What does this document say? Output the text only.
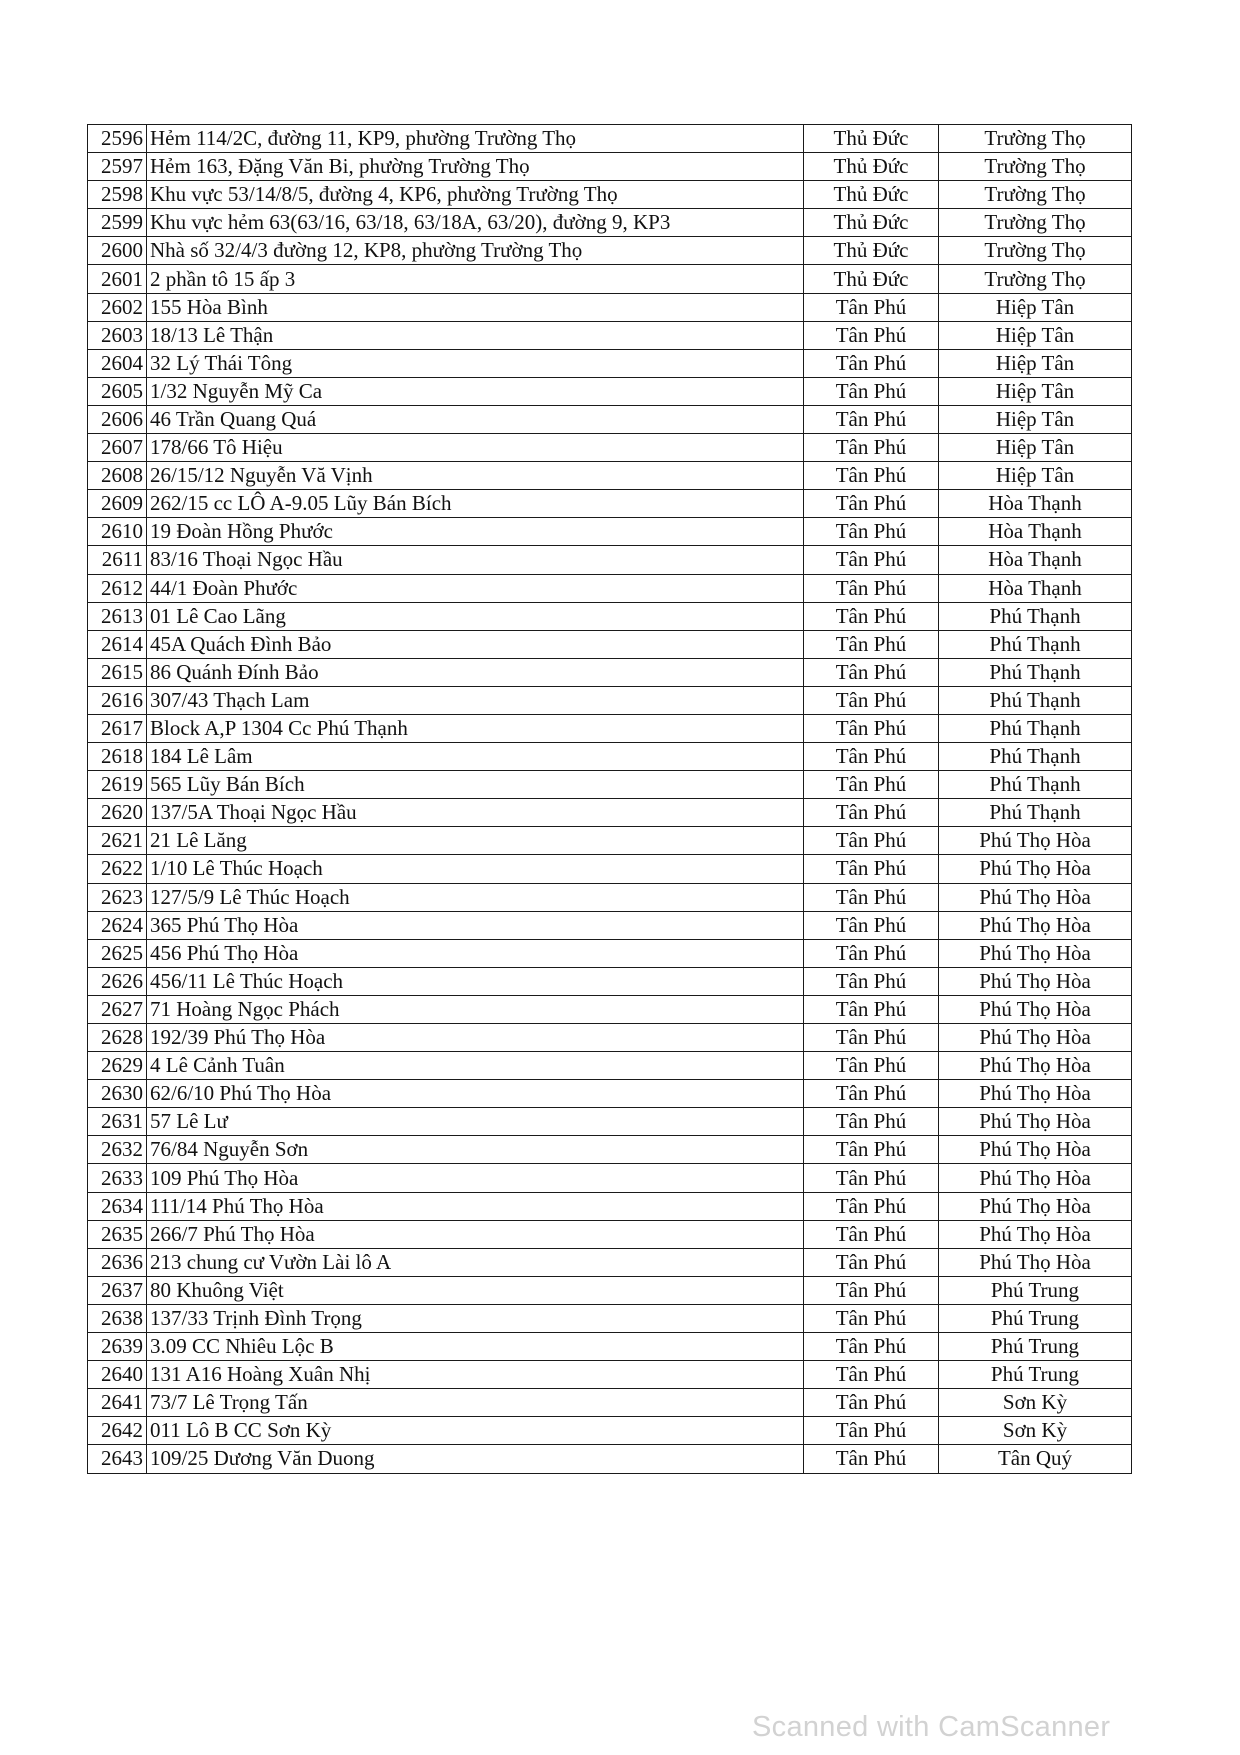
2596	Hẻm 114/2C, đường 11, KP9, phường Trường Thọ	Thủ Đức	Trường Thọ
2597	Hẻm 163, Đặng Văn Bi, phường Trường Thọ	Thủ Đức	Trường Thọ
2598	Khu vực 53/14/8/5, đường 4, KP6, phường Trường Thọ	Thủ Đức	Trường Thọ
2599	Khu vực hẻm 63(63/16, 63/18, 63/18A, 63/20), đường 9, KP3	Thủ Đức	Trường Thọ
2600	Nhà số 32/4/3 đường 12, KP8, phường Trường Thọ	Thủ Đức	Trường Thọ
2601	2 phần tô 15 ấp 3	Thủ Đức	Trường Thọ
2602	155 Hòa Bình	Tân Phú	Hiệp Tân
2603	18/13 Lê Thận	Tân Phú	Hiệp Tân
2604	32 Lý Thái Tông	Tân Phú	Hiệp Tân
2605	1/32 Nguyễn Mỹ Ca	Tân Phú	Hiệp Tân
2606	46 Trần Quang Quá	Tân Phú	Hiệp Tân
2607	178/66 Tô Hiệu	Tân Phú	Hiệp Tân
2608	26/15/12 Nguyễn Vă Vịnh	Tân Phú	Hiệp Tân
2609	262/15 cc LÔ A-9.05 Lũy Bán Bích	Tân Phú	Hòa Thạnh
2610	19 Đoàn Hồng Phước	Tân Phú	Hòa Thạnh
2611	83/16 Thoại Ngọc Hầu	Tân Phú	Hòa Thạnh
2612	44/1 Đoàn Phước	Tân Phú	Hòa Thạnh
2613	01 Lê Cao Lãng	Tân Phú	Phú Thạnh
2614	45A Quách Đình Bảo	Tân Phú	Phú Thạnh
2615	86 Quánh Đính Bảo	Tân Phú	Phú Thạnh
2616	307/43 Thạch Lam	Tân Phú	Phú Thạnh
2617	Block A,P 1304 Cc Phú Thạnh	Tân Phú	Phú Thạnh
2618	184 Lê Lâm	Tân Phú	Phú Thạnh
2619	565 Lũy Bán Bích	Tân Phú	Phú Thạnh
2620	137/5A Thoại Ngọc Hầu	Tân Phú	Phú Thạnh
2621	21 Lê Lăng	Tân Phú	Phú Thọ Hòa
2622	1/10 Lê Thúc Hoạch	Tân Phú	Phú Thọ Hòa
2623	127/5/9 Lê Thúc Hoạch	Tân Phú	Phú Thọ Hòa
2624	365 Phú Thọ Hòa	Tân Phú	Phú Thọ Hòa
2625	456 Phú Thọ Hòa	Tân Phú	Phú Thọ Hòa
2626	456/11 Lê Thúc Hoạch	Tân Phú	Phú Thọ Hòa
2627	71 Hoàng Ngọc Phách	Tân Phú	Phú Thọ Hòa
2628	192/39 Phú Thọ Hòa	Tân Phú	Phú Thọ Hòa
2629	4 Lê Cảnh Tuân	Tân Phú	Phú Thọ Hòa
2630	62/6/10 Phú Thọ Hòa	Tân Phú	Phú Thọ Hòa
2631	57 Lê Lư	Tân Phú	Phú Thọ Hòa
2632	76/84 Nguyễn Sơn	Tân Phú	Phú Thọ Hòa
2633	109 Phú Thọ Hòa	Tân Phú	Phú Thọ Hòa
2634	111/14 Phú Thọ Hòa	Tân Phú	Phú Thọ Hòa
2635	266/7 Phú Thọ Hòa	Tân Phú	Phú Thọ Hòa
2636	213 chung cư Vườn Lài lô A	Tân Phú	Phú Thọ Hòa
2637	80 Khuông Việt	Tân Phú	Phú Trung
2638	137/33 Trịnh Đình Trọng	Tân Phú	Phú Trung
2639	3.09 CC Nhiêu Lộc B	Tân Phú	Phú Trung
2640	131 A16 Hoàng Xuân Nhị	Tân Phú	Phú Trung
2641	73/7 Lê Trọng Tấn	Tân Phú	Sơn Kỳ
2642	011 Lô B CC Sơn Kỳ	Tân Phú	Sơn Kỳ
2643	109/25 Dương Văn Duong	Tân Phú	Tân Quý
Scanned with CamScanner
